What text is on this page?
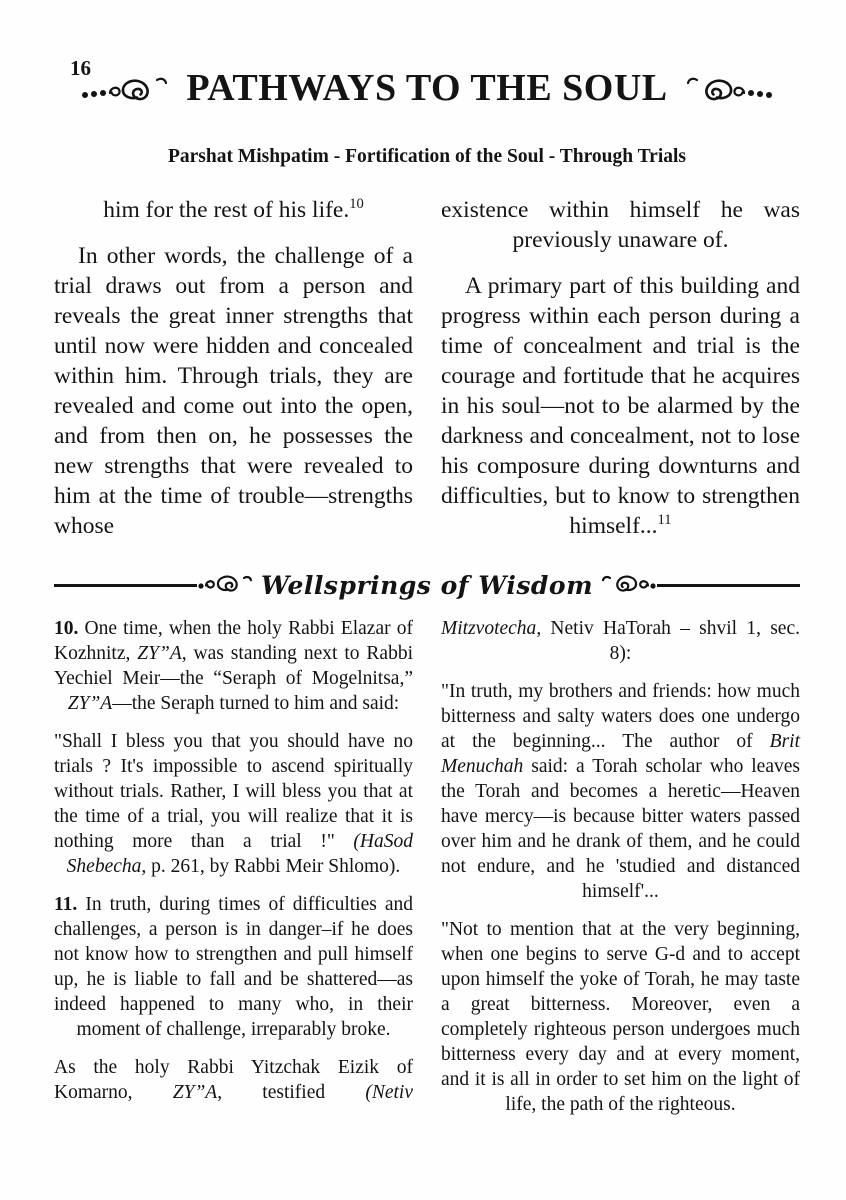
16	PATHWAYS TO THE SOUL
Parshat Mishpatim - Fortification of the Soul - Through Trials

him for the rest of his life.$^{10}$

In other words, the challenge of a trial draws out from a person and reveals the great inner strengths that until now were hidden and concealed within him. Through trials, they are revealed and come out into the open, and from then on, he possesses the new strengths that were revealed to him at the time of trouble—strengths whose

existence within himself he was previously unaware of.

A primary part of this building and progress within each person during a time of concealment and trial is the courage and fortitude that he acquires in his soul—not to be alarmed by the darkness and concealment, not to lose his composure during downturns and difficulties, but to know to strengthen himself...$^{11}$

Wellsprings of Wisdom

10. One time, when the holy Rabbi Elazar of Kozhnitz, ZY”A, was standing next to Rabbi Yechiel Meir—the “Seraph of Mogelnitsa,” ZY”A—the Seraph turned to him and said:

"Shall I bless you that you should have no trials ? It's impossible to ascend spiritually without trials. Rather, I will bless you that at the time of a trial, you will realize that it is nothing more than a trial !" (HaSod Shebecha, p. 261, by Rabbi Meir Shlomo).

11. In truth, during times of difficulties and challenges, a person is in danger–if he does not know how to strengthen and pull himself up, he is liable to fall and be shattered—as indeed happened to many who, in their moment of challenge, irreparably broke.

As the holy Rabbi Yitzchak Eizik of Komarno, ZY”A, testified (Netiv

Mitzvotecha, Netiv HaTorah – shvil 1, sec. 8):

"In truth, my brothers and friends: how much bitterness and salty waters does one undergo at the beginning... The author of Brit Menuchah said: a Torah scholar who leaves the Torah and becomes a heretic—Heaven have mercy—is because bitter waters passed over him and he drank of them, and he could not endure, and he 'studied and distanced himself'...

"Not to mention that at the very beginning, when one begins to serve G-d and to accept upon himself the yoke of Torah, he may taste a great bitterness. Moreover, even a completely righteous person undergoes much bitterness every day and at every moment, and it is all in order to set him on the light of life, the path of the righteous.
